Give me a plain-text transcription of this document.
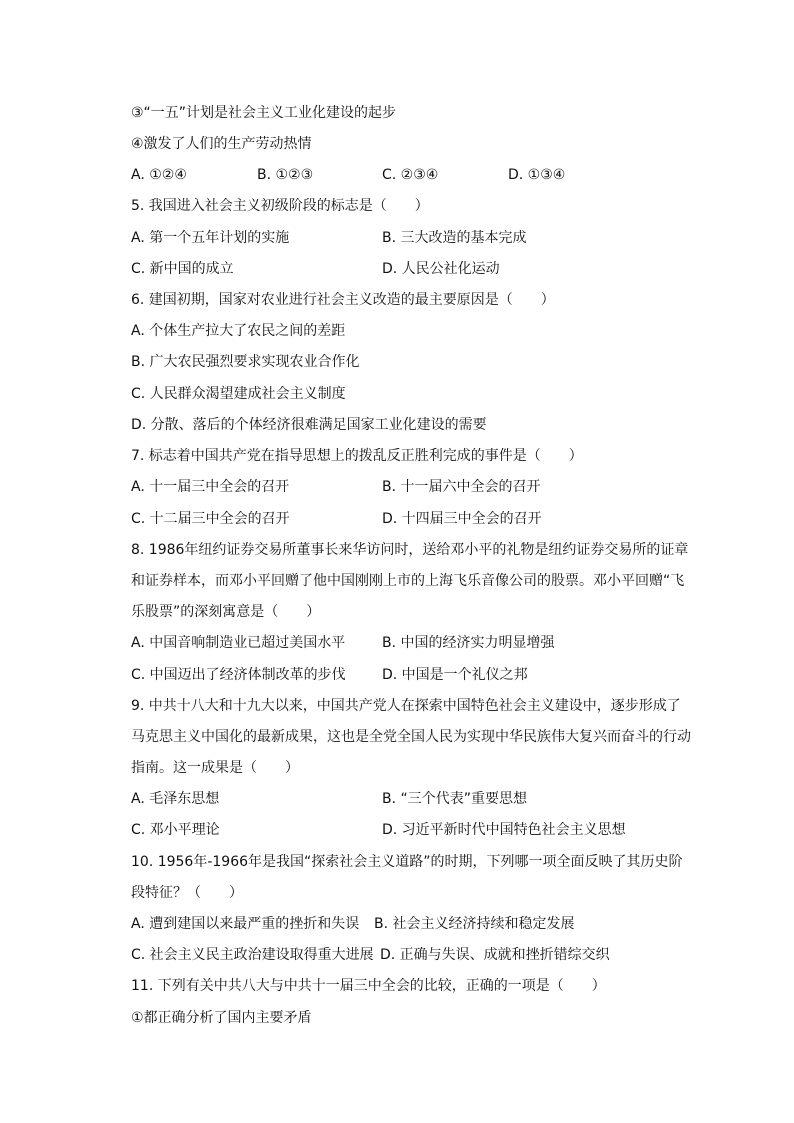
③“一五”计划是社会主义工业化建设的起步
④激发了人们的生产劳动热情
A. ①②④	B. ①②③	C. ②③④	D. ①③④
5. 我国进入社会主义初级阶段的标志是（　　）
A. 第一个五年计划的实施	B. 三大改造的基本完成
C. 新中国的成立	D. 人民公社化运动
6. 建国初期，国家对农业进行社会主义改造的最主要原因是（　　）
A. 个体生产拉大了农民之间的差距
B. 广大农民强烈要求实现农业合作化
C. 人民群众渴望建成社会主义制度
D. 分散、落后的个体经济很难满足国家工业化建设的需要
7. 标志着中国共产党在指导思想上的拨乱反正胜利完成的事件是（　　）
A. 十一届三中全会的召开	B. 十一届六中全会的召开
C. 十二届三中全会的召开	D. 十四届三中全会的召开
8. 1986年纽约证券交易所董事长来华访问时，送给邓小平的礼物是纽约证券交易所的证章
和证券样本，而邓小平回赠了他中国刚刚上市的上海飞乐音像公司的股票。邓小平回赠“飞
乐股票”的深刻寓意是（　　）
A. 中国音响制造业已超过美国水平	B. 中国的经济实力明显增强
C. 中国迈出了经济体制改革的步伐	D. 中国是一个礼仪之邦
9. 中共十八大和十九大以来，中国共产党人在探索中国特色社会主义建设中，逐步形成了
马克思主义中国化的最新成果，这也是全党全国人民为实现中华民族伟大复兴而奋斗的行动
指南。这一成果是（　　）
A. 毛泽东思想	B. “三个代表”重要思想
C. 邓小平理论	D. 习近平新时代中国特色社会主义思想
10. 1956年-1966年是我国“探索社会主义道路”的时期，下列哪一项全面反映了其历史阶
段特征？（　　）
A. 遭到建国以来最严重的挫折和失误 B. 社会主义经济持续和稳定发展
C. 社会主义民主政治建设取得重大进展 D. 正确与失误、成就和挫折错综交织
11. 下列有关中共八大与中共十一届三中全会的比较，正确的一项是（　　）
①都正确分析了国内主要矛盾
